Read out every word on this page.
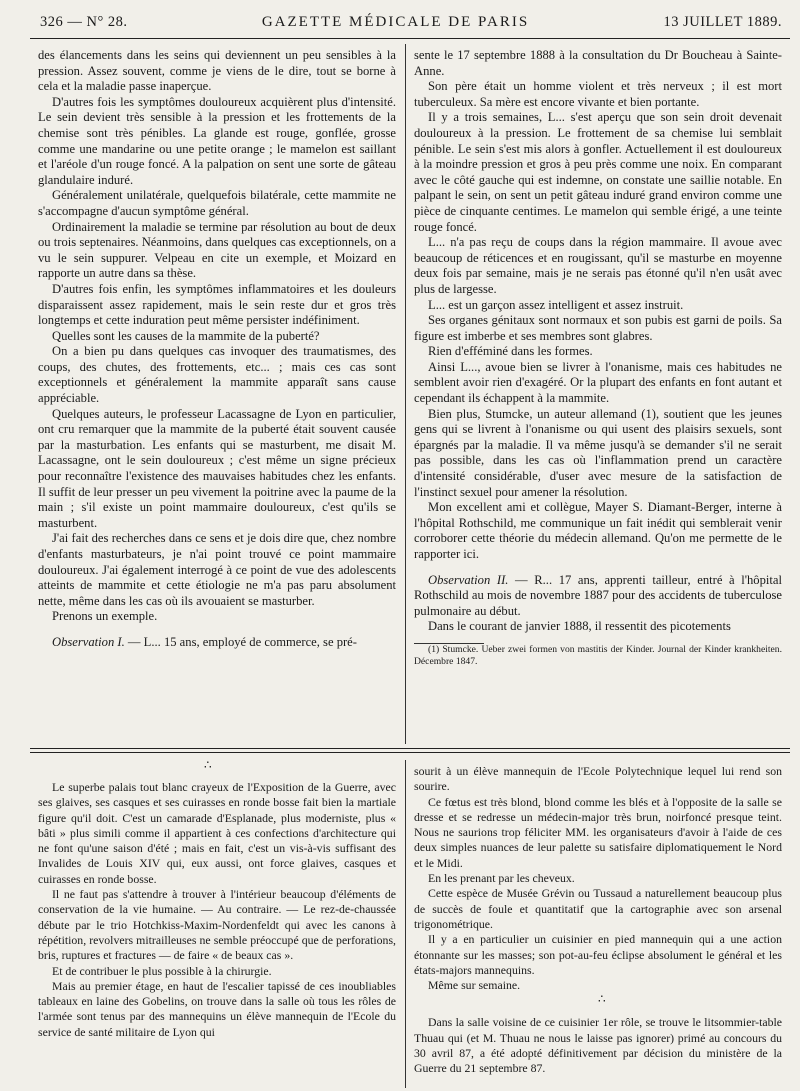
326 — N° 28.	GAZETTE MÉDICALE DE PARIS	13 JUILLET 1889.

des élancements dans les seins qui deviennent un peu sensibles à la pression. Assez souvent, comme je viens de le dire, tout se borne à cela et la maladie passe inaperçue.

D'autres fois les symptômes douloureux acquièrent plus d'intensité. Le sein devient très sensible à la pression et les frottements de la chemise sont très pénibles. La glande est rouge, gonflée, grosse comme une mandarine ou une petite orange ; le mamelon est saillant et l'aréole d'un rouge foncé. A la palpation on sent une sorte de gâteau glandulaire induré.

Généralement unilatérale, quelquefois bilatérale, cette mammite ne s'accompagne d'aucun symptôme général.

Ordinairement la maladie se termine par résolution au bout de deux ou trois septenaires. Néanmoins, dans quelques cas exceptionnels, on a vu le sein suppurer. Velpeau en cite un exemple, et Moizard en rapporte un autre dans sa thèse.

D'autres fois enfin, les symptômes inflammatoires et les douleurs disparaissent assez rapidement, mais le sein reste dur et gros très longtemps et cette induration peut même persister indéfiniment.

Quelles sont les causes de la mammite de la puberté?

On a bien pu dans quelques cas invoquer des traumatismes, des coups, des chutes, des frottements, etc... ; mais ces cas sont exceptionnels et généralement la mammite apparaît sans cause appréciable.

Quelques auteurs, le professeur Lacassagne de Lyon en particulier, ont cru remarquer que la mammite de la puberté était souvent causée par la masturbation. Les enfants qui se masturbent, me disait M. Lacassagne, ont le sein douloureux ; c'est même un signe précieux pour reconnaître l'existence des mauvaises habitudes chez les enfants. Il suffit de leur presser un peu vivement la poitrine avec la paume de la main ; s'il existe un point mammaire douloureux, c'est qu'ils se masturbent.

J'ai fait des recherches dans ce sens et je dois dire que, chez nombre d'enfants masturbateurs, je n'ai point trouvé ce point mammaire douloureux. J'ai également interrogé à ce point de vue des adolescents atteints de mammite et cette étiologie ne m'a pas paru absolument nette, même dans les cas où ils avouaient se masturber.

Prenons un exemple.

Observation I. — L... 15 ans, employé de commerce, se pré-

sente le 17 septembre 1888 à la consultation du Dr Boucheau à Sainte-Anne.

Son père était un homme violent et très nerveux ; il est mort tuberculeux. Sa mère est encore vivante et bien portante.

Il y a trois semaines, L... s'est aperçu que son sein droit devenait douloureux à la pression. Le frottement de sa chemise lui semblait pénible. Le sein s'est mis alors à gonfler. Actuellement il est douloureux à la moindre pression et gros à peu près comme une noix. En comparant avec le côté gauche qui est indemne, on constate une saillie notable. En palpant le sein, on sent un petit gâteau induré grand environ comme une pièce de cinquante centimes. Le mamelon qui semble érigé, a une teinte rouge foncé.

L... n'a pas reçu de coups dans la région mammaire. Il avoue avec beaucoup de réticences et en rougissant, qu'il se masturbe en moyenne deux fois par semaine, mais je ne serais pas étonné qu'il n'en usât avec plus de largesse.

L... est un garçon assez intelligent et assez instruit.

Ses organes génitaux sont normaux et son pubis est garni de poils. Sa figure est imberbe et ses membres sont glabres.

Rien d'efféminé dans les formes.

Ainsi L..., avoue bien se livrer à l'onanisme, mais ces habitudes ne semblent avoir rien d'exagéré. Or la plupart des enfants en font autant et cependant ils échappent à la mammite.

Bien plus, Stumcke, un auteur allemand (1), soutient que les jeunes gens qui se livrent à l'onanisme ou qui usent des plaisirs sexuels, sont épargnés par la maladie. Il va même jusqu'à se demander s'il ne serait pas possible, dans les cas où l'inflammation prend un caractère d'intensité considérable, d'user avec mesure de la satisfaction de l'instinct sexuel pour amener la résolution.

Mon excellent ami et collègue, Mayer S. Diamant-Berger, interne à l'hôpital Rothschild, me communique un fait inédit qui semblerait venir corroborer cette théorie du médecin allemand. Qu'on me permette de le rapporter ici.

Observation II. — R... 17 ans, apprenti tailleur, entré à l'hôpital Rothschild au mois de novembre 1887 pour des accidents de tuberculose pulmonaire au début.

Dans le courant de janvier 1888, il ressentit des picotements

(1) Stumcke. Ueber zwei formen von mastitis der Kinder. Journal der Kinder krankheiten. Décembre 1847.

∴
∴

Le superbe palais tout blanc crayeux de l'Exposition de la Guerre, avec ses glaives, ses casques et ses cuirasses en ronde bosse fait bien la martiale figure qu'il doit. C'est un camarade d'Esplanade, plus moderniste, plus « bâti » plus simili comme il appartient à ces confections d'architecture qui ne font qu'une saison d'été ; mais en fait, c'est un vis-à-vis suffisant des Invalides de Louis XIV qui, eux aussi, ont force glaives, casques et cuirasses en ronde bosse.

Il ne faut pas s'attendre à trouver à l'intérieur beaucoup d'éléments de conservation de la vie humaine. — Au contraire. — Le rez-de-chaussée débute par le trio Hotchkiss-Maxim-Nordenfeldt qui avec les canons à répétition, revolvers mitrailleuses ne semble préoccupé que de perforations, bris, ruptures et fractures — de faire « de beaux cas ».

Et de contribuer le plus possible à la chirurgie.

Mais au premier étage, en haut de l'escalier tapissé de ces inoubliables tableaux en laine des Gobelins, on trouve dans la salle où tous les rôles de l'armée sont tenus par des mannequins un élève mannequin de l'Ecole du service de santé militaire de Lyon qui

sourit à un élève mannequin de l'Ecole Polytechnique lequel lui rend son sourire.

Ce fœtus est très blond, blond comme les blés et à l'opposite de la salle se dresse et se redresse un médecin-major très brun, noirfoncé presque teint. Nous ne saurions trop féliciter MM. les organisateurs d'avoir à l'aide de ces deux simples nuances de leur palette su satisfaire diplomatiquement le Nord et le Midi.

En les prenant par les cheveux.

Cette espèce de Musée Grévin ou Tussaud a naturellement beaucoup plus de succès de foule et quantitatif que la cartographie avec son arsenal trigonométrique.

Il y a en particulier un cuisinier en pied mannequin qui a une action étonnante sur les masses; son pot-au-feu éclipse absolument le général et les états-majors mannequins.

Même sur semaine.

Dans la salle voisine de ce cuisinier 1er rôle, se trouve le litsommier-table Thuau qui (et M. Thuau ne nous le laisse pas ignorer) primé au concours du 30 avril 87, a été adopté définitivement par décision du ministère de la Guerre du 21 septembre 87.
